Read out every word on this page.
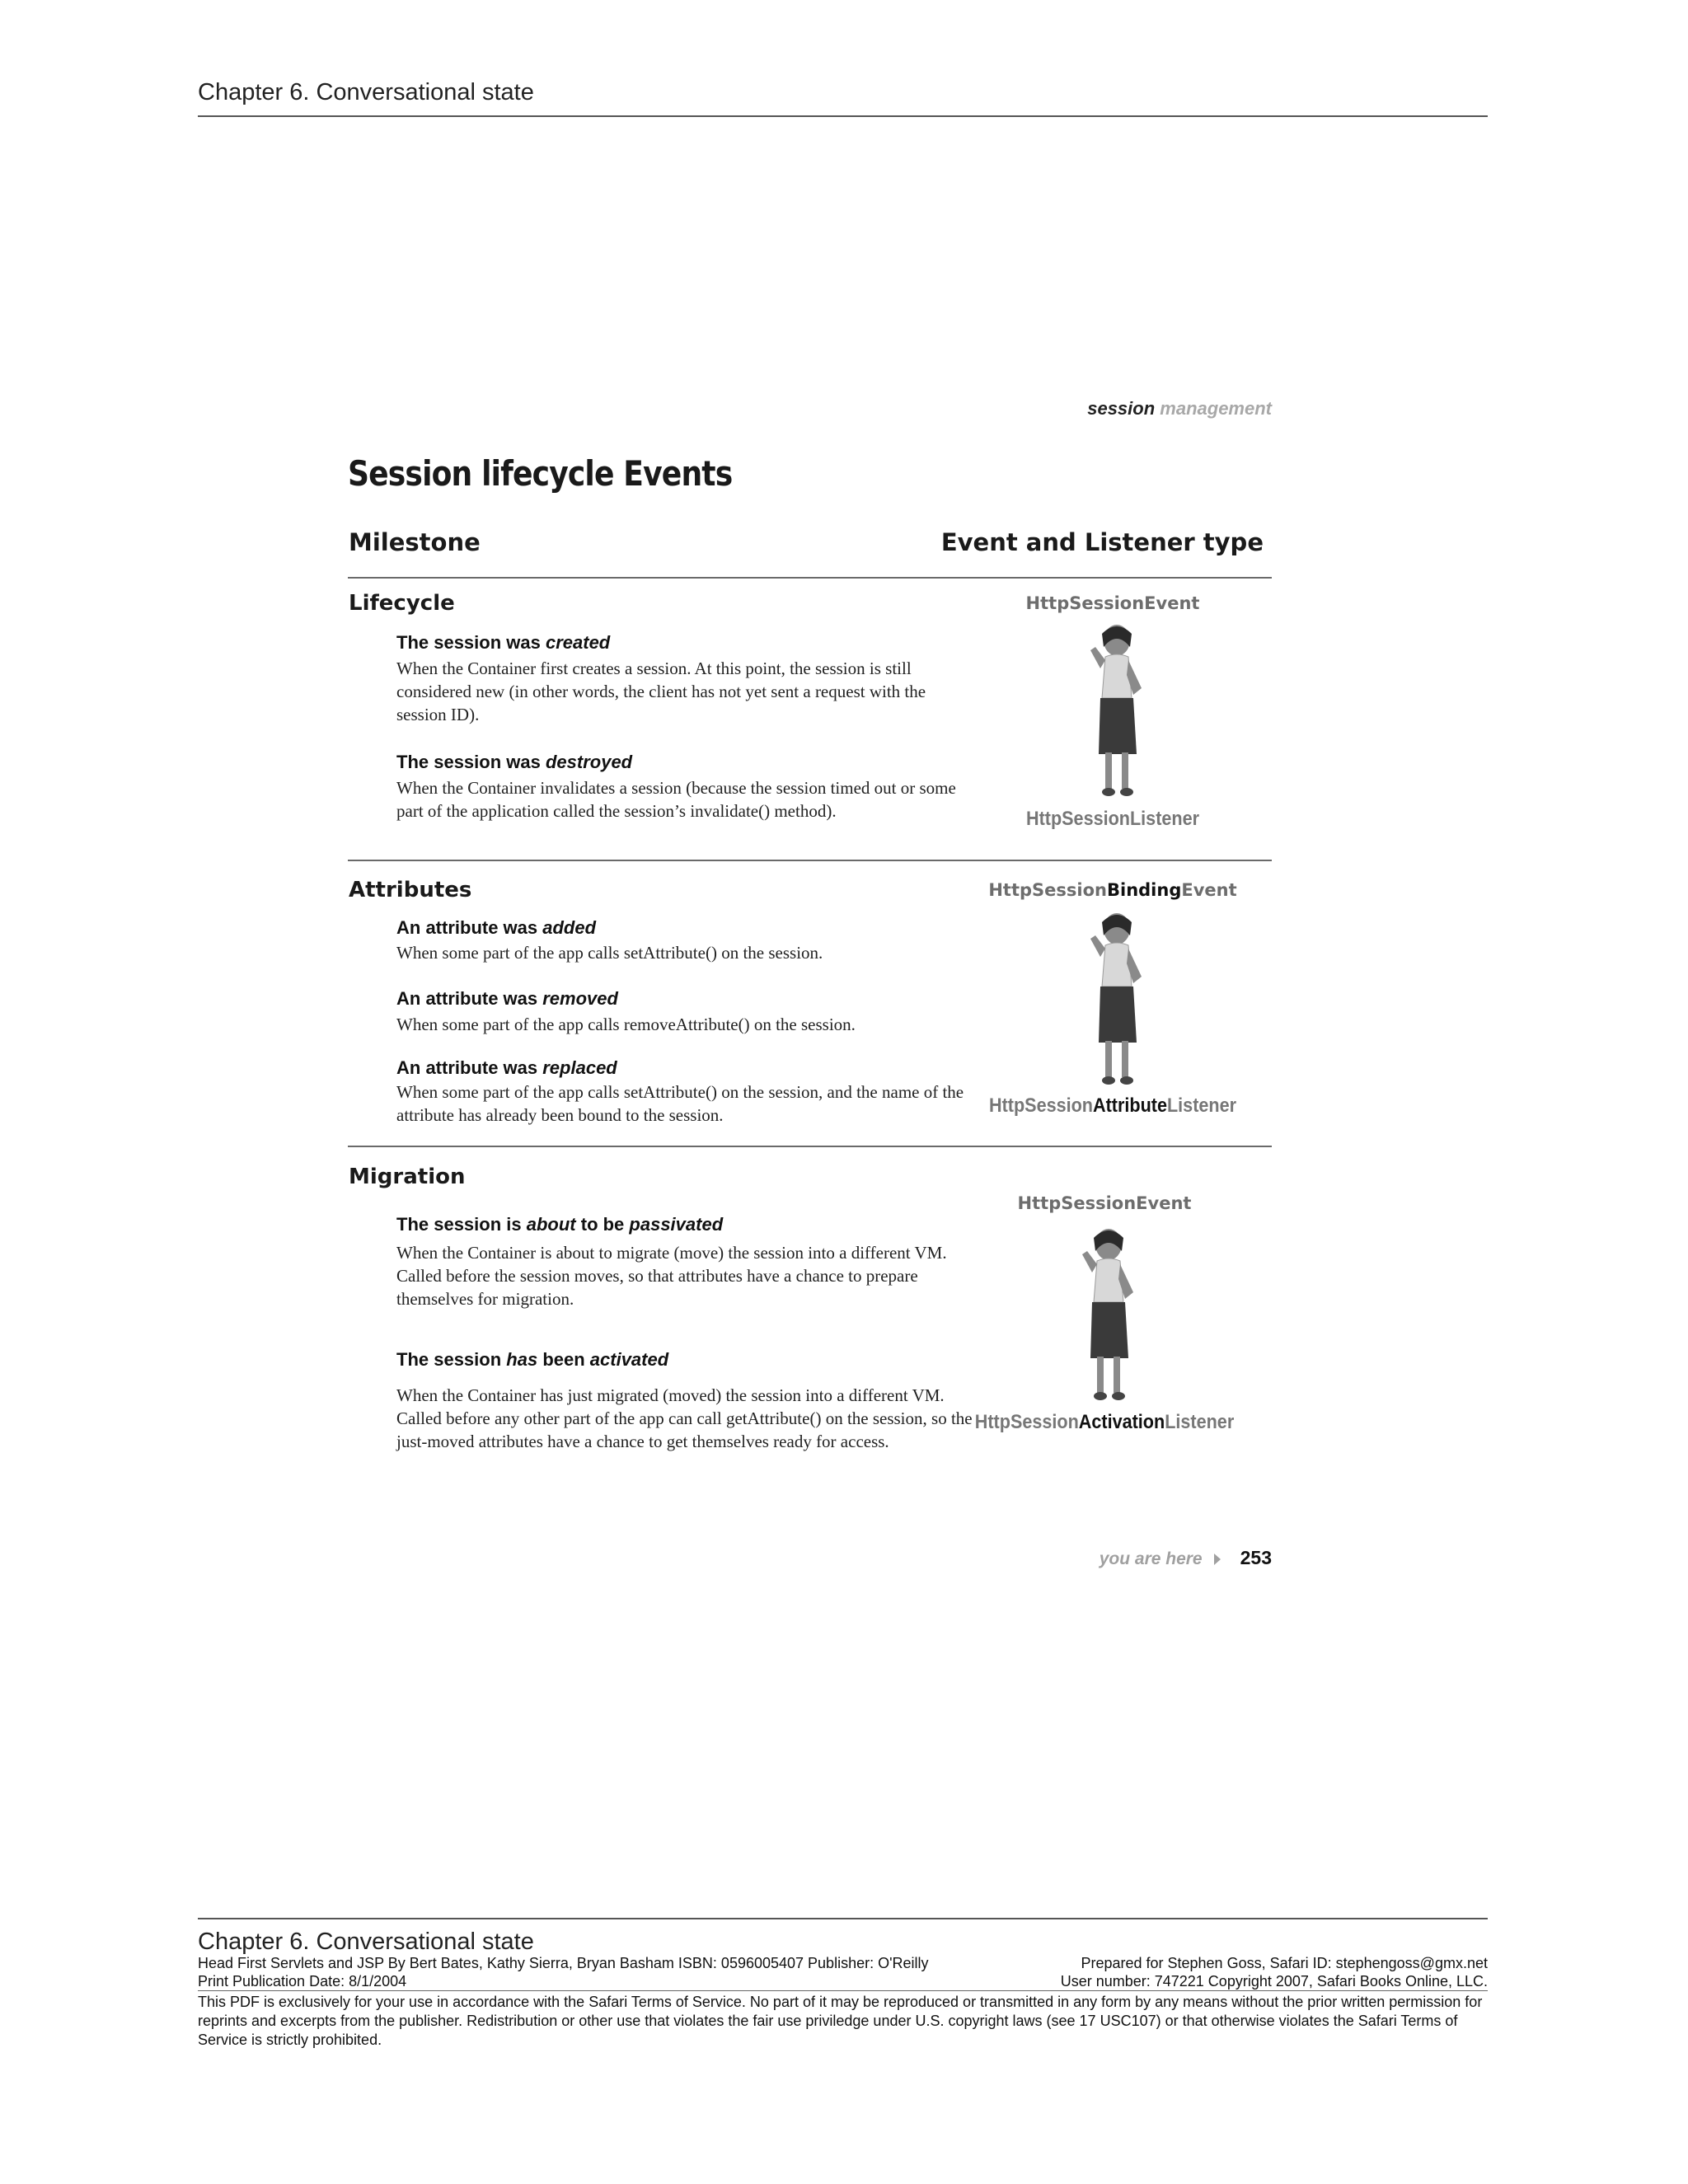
Chapter 6. Conversational state
session management
Session lifecycle Events
Milestone	Event and Listener type
Lifecycle
The session was created
When the Container first creates a session. At this point, the session is still considered new (in other words, the client has not yet sent a request with the session ID).
The session was destroyed
When the Container invalidates a session (because the session timed out or some part of the application called the session’s invalidate() method).
HttpSessionEvent
HttpSessionListener
Attributes
An attribute was added
When some part of the app calls setAttribute() on the session.
An attribute was removed
When some part of the app calls removeAttribute() on the session.
An attribute was replaced
When some part of the app calls setAttribute() on the session, and the name of the attribute has already been bound to the session.
HttpSessionBindingEvent
HttpSessionAttributeListener
Migration
The session is about to be passivated
When the Container is about to migrate (move) the session into a different VM. Called before the session moves, so that attributes have a chance to prepare themselves for migration.
The session has been activated
When the Container has just migrated (moved) the session into a different VM. Called before any other part of the app can call getAttribute() on the session, so the just-moved attributes have a chance to get themselves ready for access.
HttpSessionEvent
HttpSessionActivationListener
you are here 253
Chapter 6. Conversational state
Head First Servlets and JSP By Bert Bates, Kathy Sierra, Bryan Basham ISBN: 0596005407 Publisher: O'Reilly	Prepared for Stephen Goss, Safari ID: stephengoss@gmx.net
Print Publication Date: 8/1/2004	User number: 747221 Copyright 2007, Safari Books Online, LLC.
This PDF is exclusively for your use in accordance with the Safari Terms of Service. No part of it may be reproduced or transmitted in any form by any means without the prior written permission for reprints and excerpts from the publisher. Redistribution or other use that violates the fair use priviledge under U.S. copyright laws (see 17 USC107) or that otherwise violates the Safari Terms of Service is strictly prohibited.
